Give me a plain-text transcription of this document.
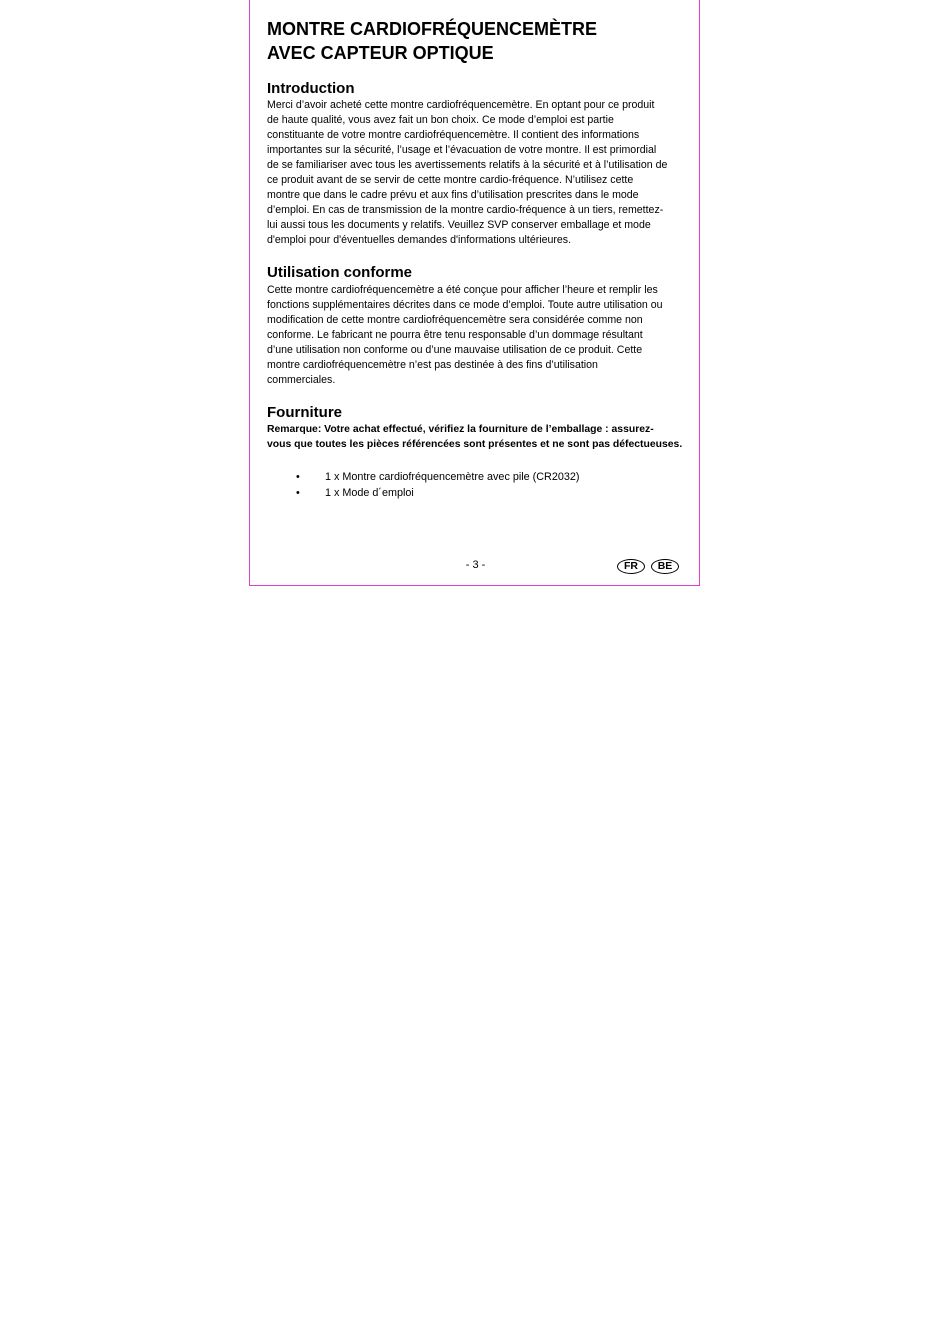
MONTRE CARDIOFRÉQUENCEMÈTRE
AVEC CAPTEUR OPTIQUE
Introduction
Merci d’avoir acheté cette montre cardiofréquencemètre. En optant pour ce produit
de haute qualité, vous avez fait un bon choix. Ce mode d’emploi est partie
constituante de votre montre cardiofréquencemètre. Il contient des informations
importantes sur la sécurité, l’usage et l’évacuation de votre montre. Il est primordial
de se familiariser avec tous les avertissements relatifs à la sécurité et à l’utilisation de
ce produit avant de se servir de cette montre cardio-fréquence. N’utilisez cette
montre que dans le cadre prévu et aux fins d’utilisation prescrites dans le mode
d’emploi. En cas de transmission de la montre cardio-fréquence à un tiers, remettez-
lui aussi tous les documents y relatifs. Veuillez SVP conserver emballage et mode
d'emploi pour d'éventuelles demandes d'informations ultérieures.
Utilisation conforme
Cette montre cardiofréquencemètre a été conçue pour afficher l’heure et remplir les
fonctions supplémentaires décrites dans ce mode d’emploi. Toute autre utilisation ou
modification de cette montre cardiofréquencemètre sera considérée comme non
conforme. Le fabricant ne pourra être tenu responsable d’un dommage résultant
d’une utilisation non conforme ou d’une mauvaise utilisation de ce produit. Cette
montre cardiofréquencemètre n’est pas destinée à des fins d’utilisation
commerciales.
Fourniture
Remarque: Votre achat effectué, vérifiez la fourniture de l’emballage : assurez-
vous que toutes les pièces référencées sont présentes et ne sont pas défectueuses.
• 1 x Montre cardiofréquencemètre avec pile (CR2032)
• 1 x Mode d´emploi
- 3 -	FR	BE
